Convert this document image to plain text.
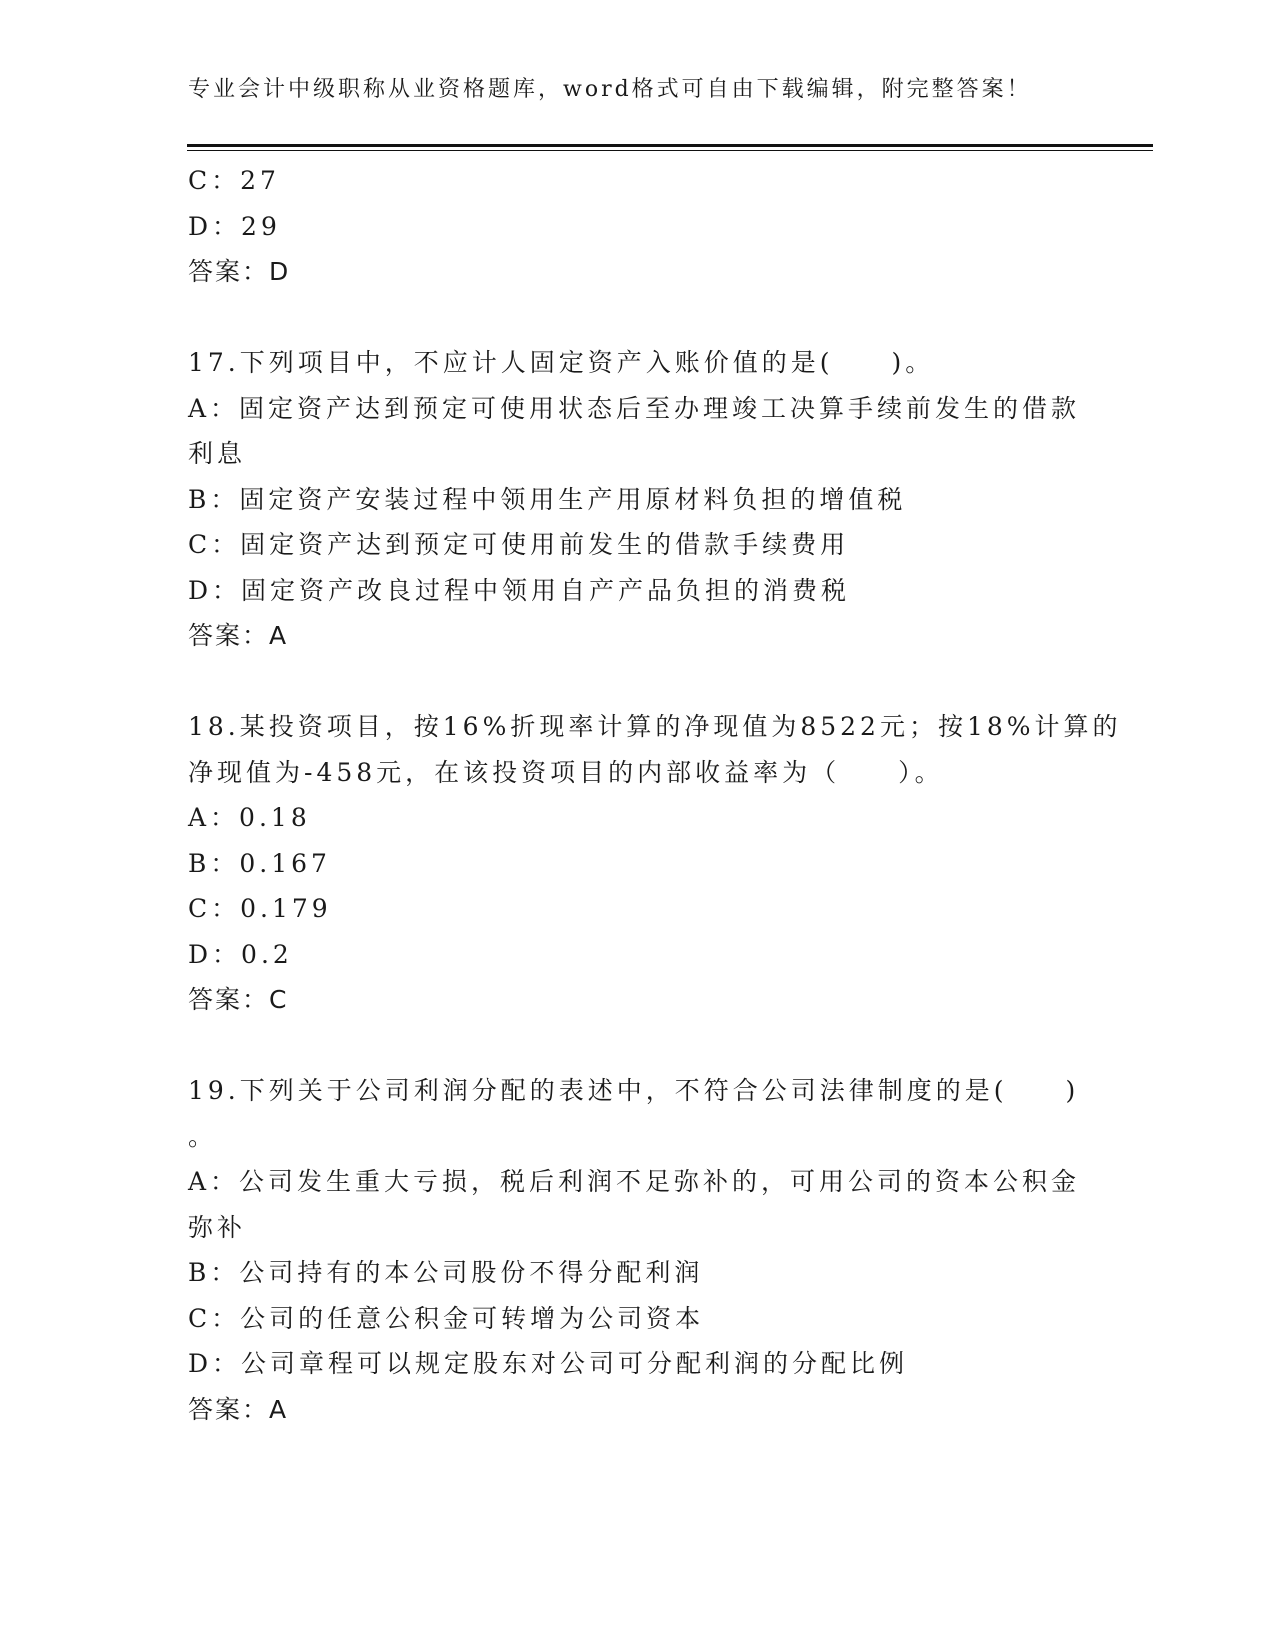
专业会计中级职称从业资格题库，word格式可自由下载编辑，附完整答案！
C：27
D：29
答案：D
17.下列项目中，不应计人固定资产入账价值的是(　　)。
A：固定资产达到预定可使用状态后至办理竣工决算手续前发生的借款
利息
B：固定资产安装过程中领用生产用原材料负担的增值税
C：固定资产达到预定可使用前发生的借款手续费用
D：固定资产改良过程中领用自产产品负担的消费税
答案：A
18.某投资项目，按16%折现率计算的净现值为8522元；按18%计算的
净现值为-458元，在该投资项目的内部收益率为（　　）。
A：0.18
B：0.167
C：0.179
D：0.2
答案：C
19.下列关于公司利润分配的表述中，不符合公司法律制度的是(　　)
。
A：公司发生重大亏损，税后利润不足弥补的，可用公司的资本公积金
弥补
B：公司持有的本公司股份不得分配利润
C：公司的任意公积金可转增为公司资本
D：公司章程可以规定股东对公司可分配利润的分配比例
答案：A
